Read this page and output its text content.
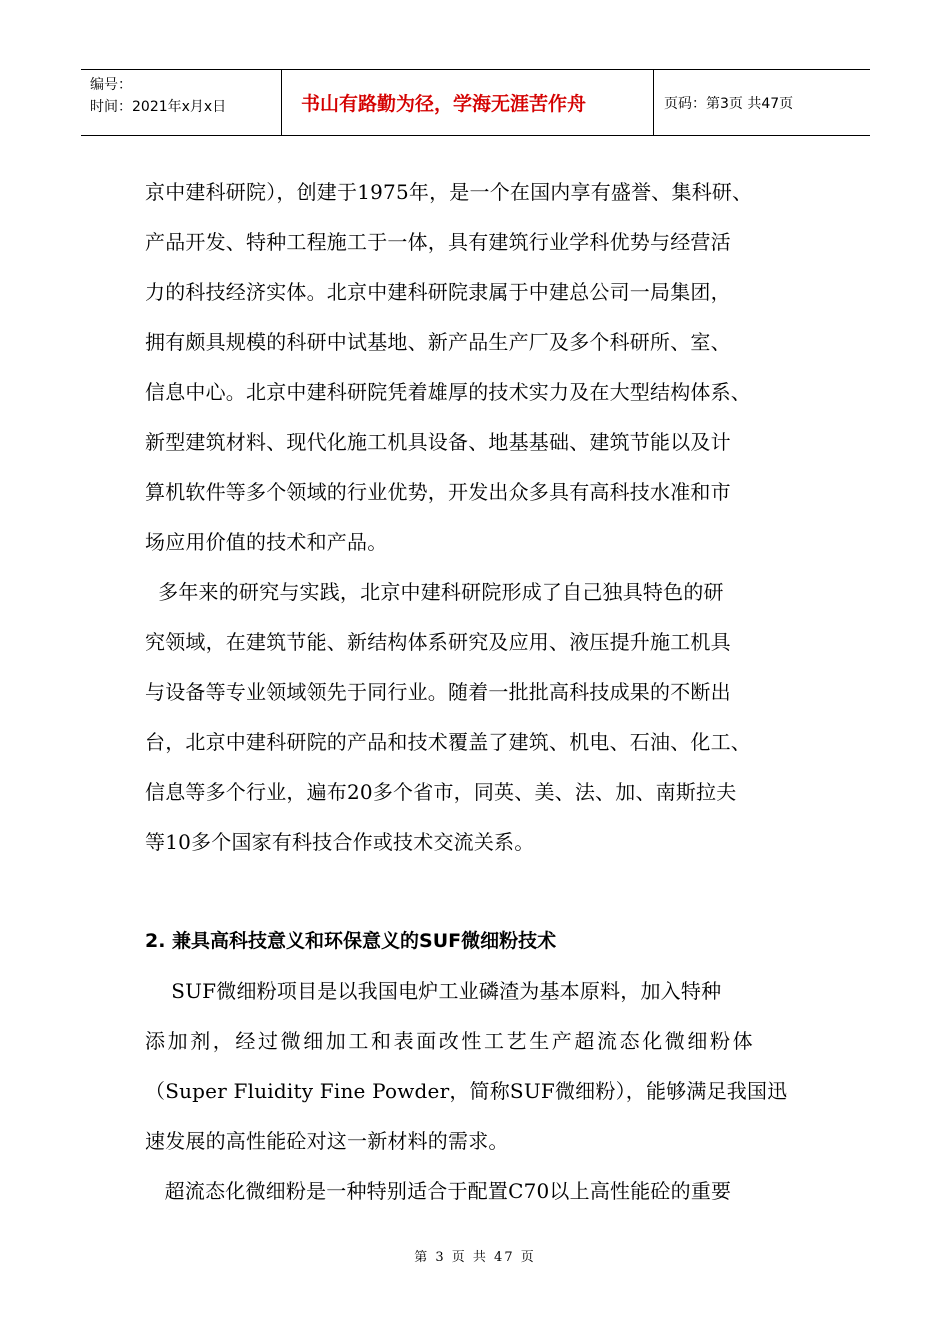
编号：
时间：2021年x月x日	书山有路勤为径，学海无涯苦作舟	页码：第3页 共47页
京中建科研院），创建于1975年，是一个在国内享有盛誉、集科研、
产品开发、特种工程施工于一体，具有建筑行业学科优势与经营活
力的科技经济实体。北京中建科研院隶属于中建总公司一局集团，
拥有颇具规模的科研中试基地、新产品生产厂及多个科研所、室、
信息中心。北京中建科研院凭着雄厚的技术实力及在大型结构体系、
新型建筑材料、现代化施工机具设备、地基基础、建筑节能以及计
算机软件等多个领域的行业优势，开发出众多具有高科技水准和市
场应用价值的技术和产品。
多年来的研究与实践，北京中建科研院形成了自己独具特色的研
究领域，在建筑节能、新结构体系研究及应用、液压提升施工机具
与设备等专业领域领先于同行业。随着一批批高科技成果的不断出
台，北京中建科研院的产品和技术覆盖了建筑、机电、石油、化工、
信息等多个行业，遍布20多个省市，同英、美、法、加、南斯拉夫
等10多个国家有科技合作或技术交流关系。
2. 兼具高科技意义和环保意义的SUF微细粉技术
SUF微细粉项目是以我国电炉工业磷渣为基本原料，加入特种
添加剂，经过微细加工和表面改性工艺生产超流态化微细粉体
（Super Fluidity Fine Powder，简称SUF微细粉），能够满足我国迅
速发展的高性能砼对这一新材料的需求。
超流态化微细粉是一种特别适合于配置C70以上高性能砼的重要
第 3 页 共 47 页
